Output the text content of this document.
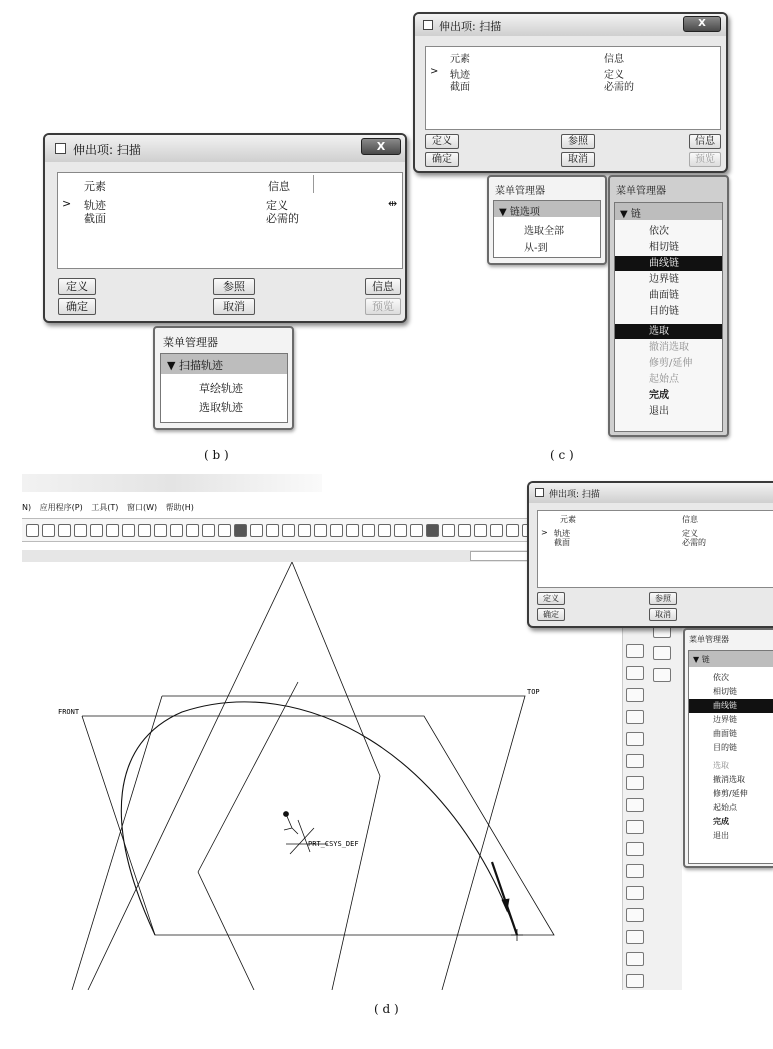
伸出项: 扫描	X
元素	信息
> 轨迹	定义
截面	必需的
⇹
定义	参照	信息
确定	取消	预览
菜单管理器
▼ 扫描轨迹
草绘轨迹
选取轨迹
( b )
伸出项: 扫描	X
元素	信息
> 轨迹	定义
截面	必需的
定义	参照	信息
确定	取消	预览
菜单管理器
▼ 链选项
选取全部
从-到
菜单管理器
▼ 链
依次
相切链
曲线链
边界链
曲面链
目的链
选取
撤消选取
修剪/延伸
起始点
完成
退出
( c )
N) 应用程序(P) 工具(T) 窗口(W) 帮助(H)
FRONT
TOP
PRT_CSYS_DEF
伸出项: 扫描
元素	信息
> 轨迹	定义
截面	必需的
定义	参照
确定	取消
菜单管理器
▼ 链
依次
相切链
曲线链
边界链
曲面链
目的链
选取
撤消选取
修剪/延伸
起始点
完成
退出
( d )
